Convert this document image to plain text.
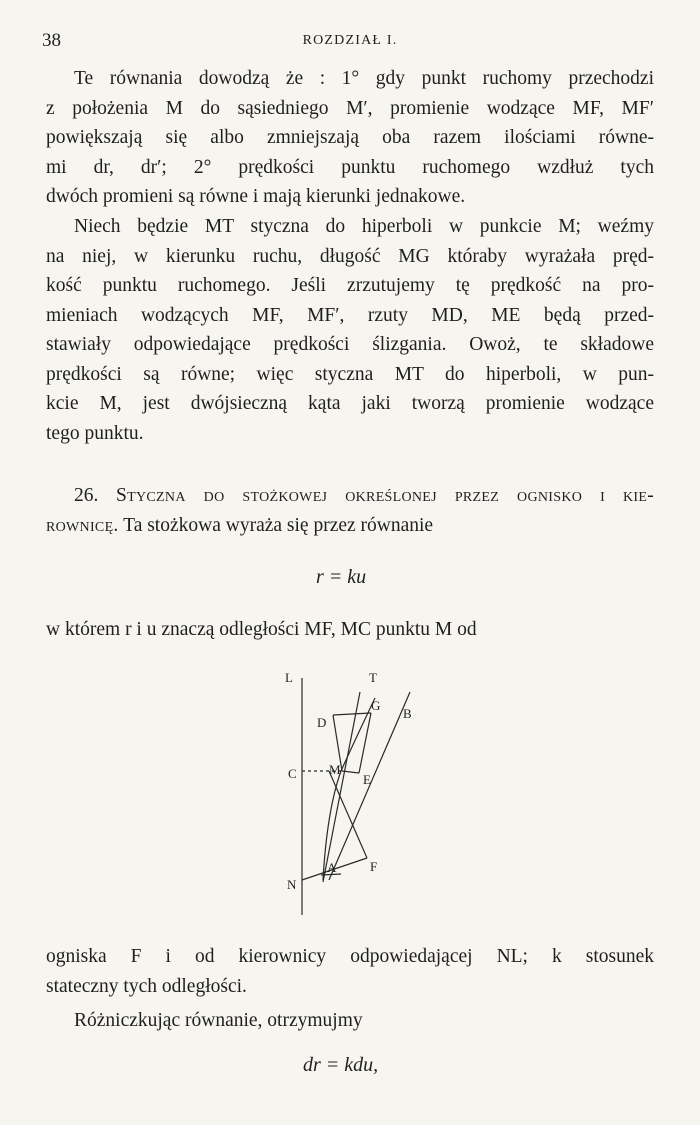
38	ROZDZIAŁ I.
Te równania dowodzą że : 1° gdy punkt ruchomy przechodzi
z położenia M do sąsiedniego M′, promienie wodzące MF, MF′
powiększają się albo zmniejszają oba razem ilościami równe-
mi dr, dr′; 2° prędkości punktu ruchomego wzdłuż tych
dwóch promieni są równe i mają kierunki jednakowe.
Niech będzie MT styczna do hiperboli w punkcie M; weźmy
na niej, w kierunku ruchu, długość MG któraby wyrażała pręd-
kość punktu ruchomego. Jeśli zrzutujemy tę prędkość na pro-
mieniach wodzących MF, MF′, rzuty MD, ME będą przed-
stawiały odpowiedające prędkości ślizgania. Owoż, te składowe
prędkości są równe; więc styczna MT do hiperboli, w pun-
kcie M, jest dwójsieczną kąta jaki tworzą promienie wodzące
tego punktu.
26. Styczna do stożkowej określonej przez ognisko i kie-
rownicę. Ta stożkowa wyraża się przez równanie
r = ku
w którem r i u znaczą odległości MF, MC punktu M od
L	T
G
B
D
C M
E
A	F
N
ogniska F i od kierownicy odpowiedającej NL; k stosunek
stateczny tych odległości.
Różniczkując równanie, otrzymujmy
dr = kdu,
